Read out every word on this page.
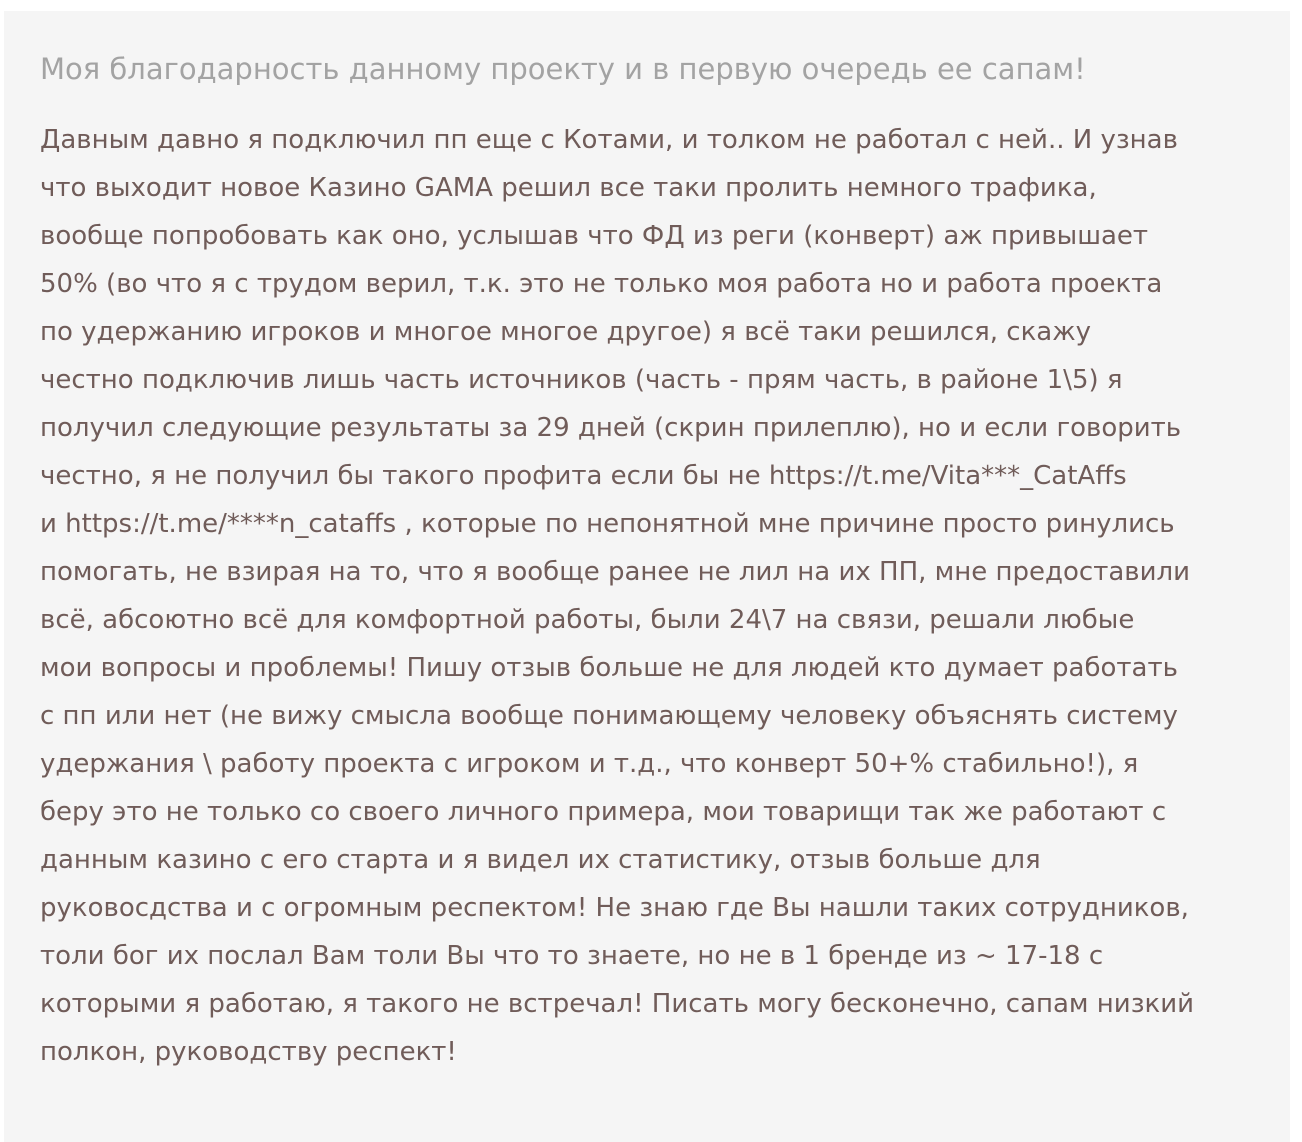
Моя благодарность данному проекту и в первую очередь ее сапам!
Давным давно я подключил пп еще с Котами, и толком не работал с ней.. И узнав
что выходит новое Казино GAMA решил все таки пролить немного трафика,
вообще попробовать как оно, услышав что ФД из реги (конверт) аж привышает
50% (во что я с трудом верил, т.к. это не только моя работа но и работа проекта
по удержанию игроков и многое многое другое) я всё таки решился, скажу
честно подключив лишь часть источников (часть - прям часть, в районе 1\5) я
получил следующие результаты за 29 дней (скрин прилеплю), но и если говорить
честно, я не получил бы такого профита если бы не https://t.me/Vita***_CatAffs
и https://t.me/****n_cataffs , которые по непонятной мне причине просто ринулись
помогать, не взирая на то, что я вообще ранее не лил на их ПП, мне предоставили
всё, абсоютно всё для комфортной работы, были 24\7 на связи, решали любые
мои вопросы и проблемы! Пишу отзыв больше не для людей кто думает работать
с пп или нет (не вижу смысла вообще понимающему человеку объяснять систему
удержания \ работу проекта с игроком и т.д., что конверт 50+% стабильно!), я
беру это не только со своего личного примера, мои товарищи так же работают с
данным казино с его старта и я видел их статистику, отзыв больше для
руковосдства и с огромным респектом! Не знаю где Вы нашли таких сотрудников,
толи бог их послал Вам толи Вы что то знаете, но не в 1 бренде из ~ 17-18 с
которыми я работаю, я такого не встречал! Писать могу бесконечно, сапам низкий
полкон, руководству респект!
